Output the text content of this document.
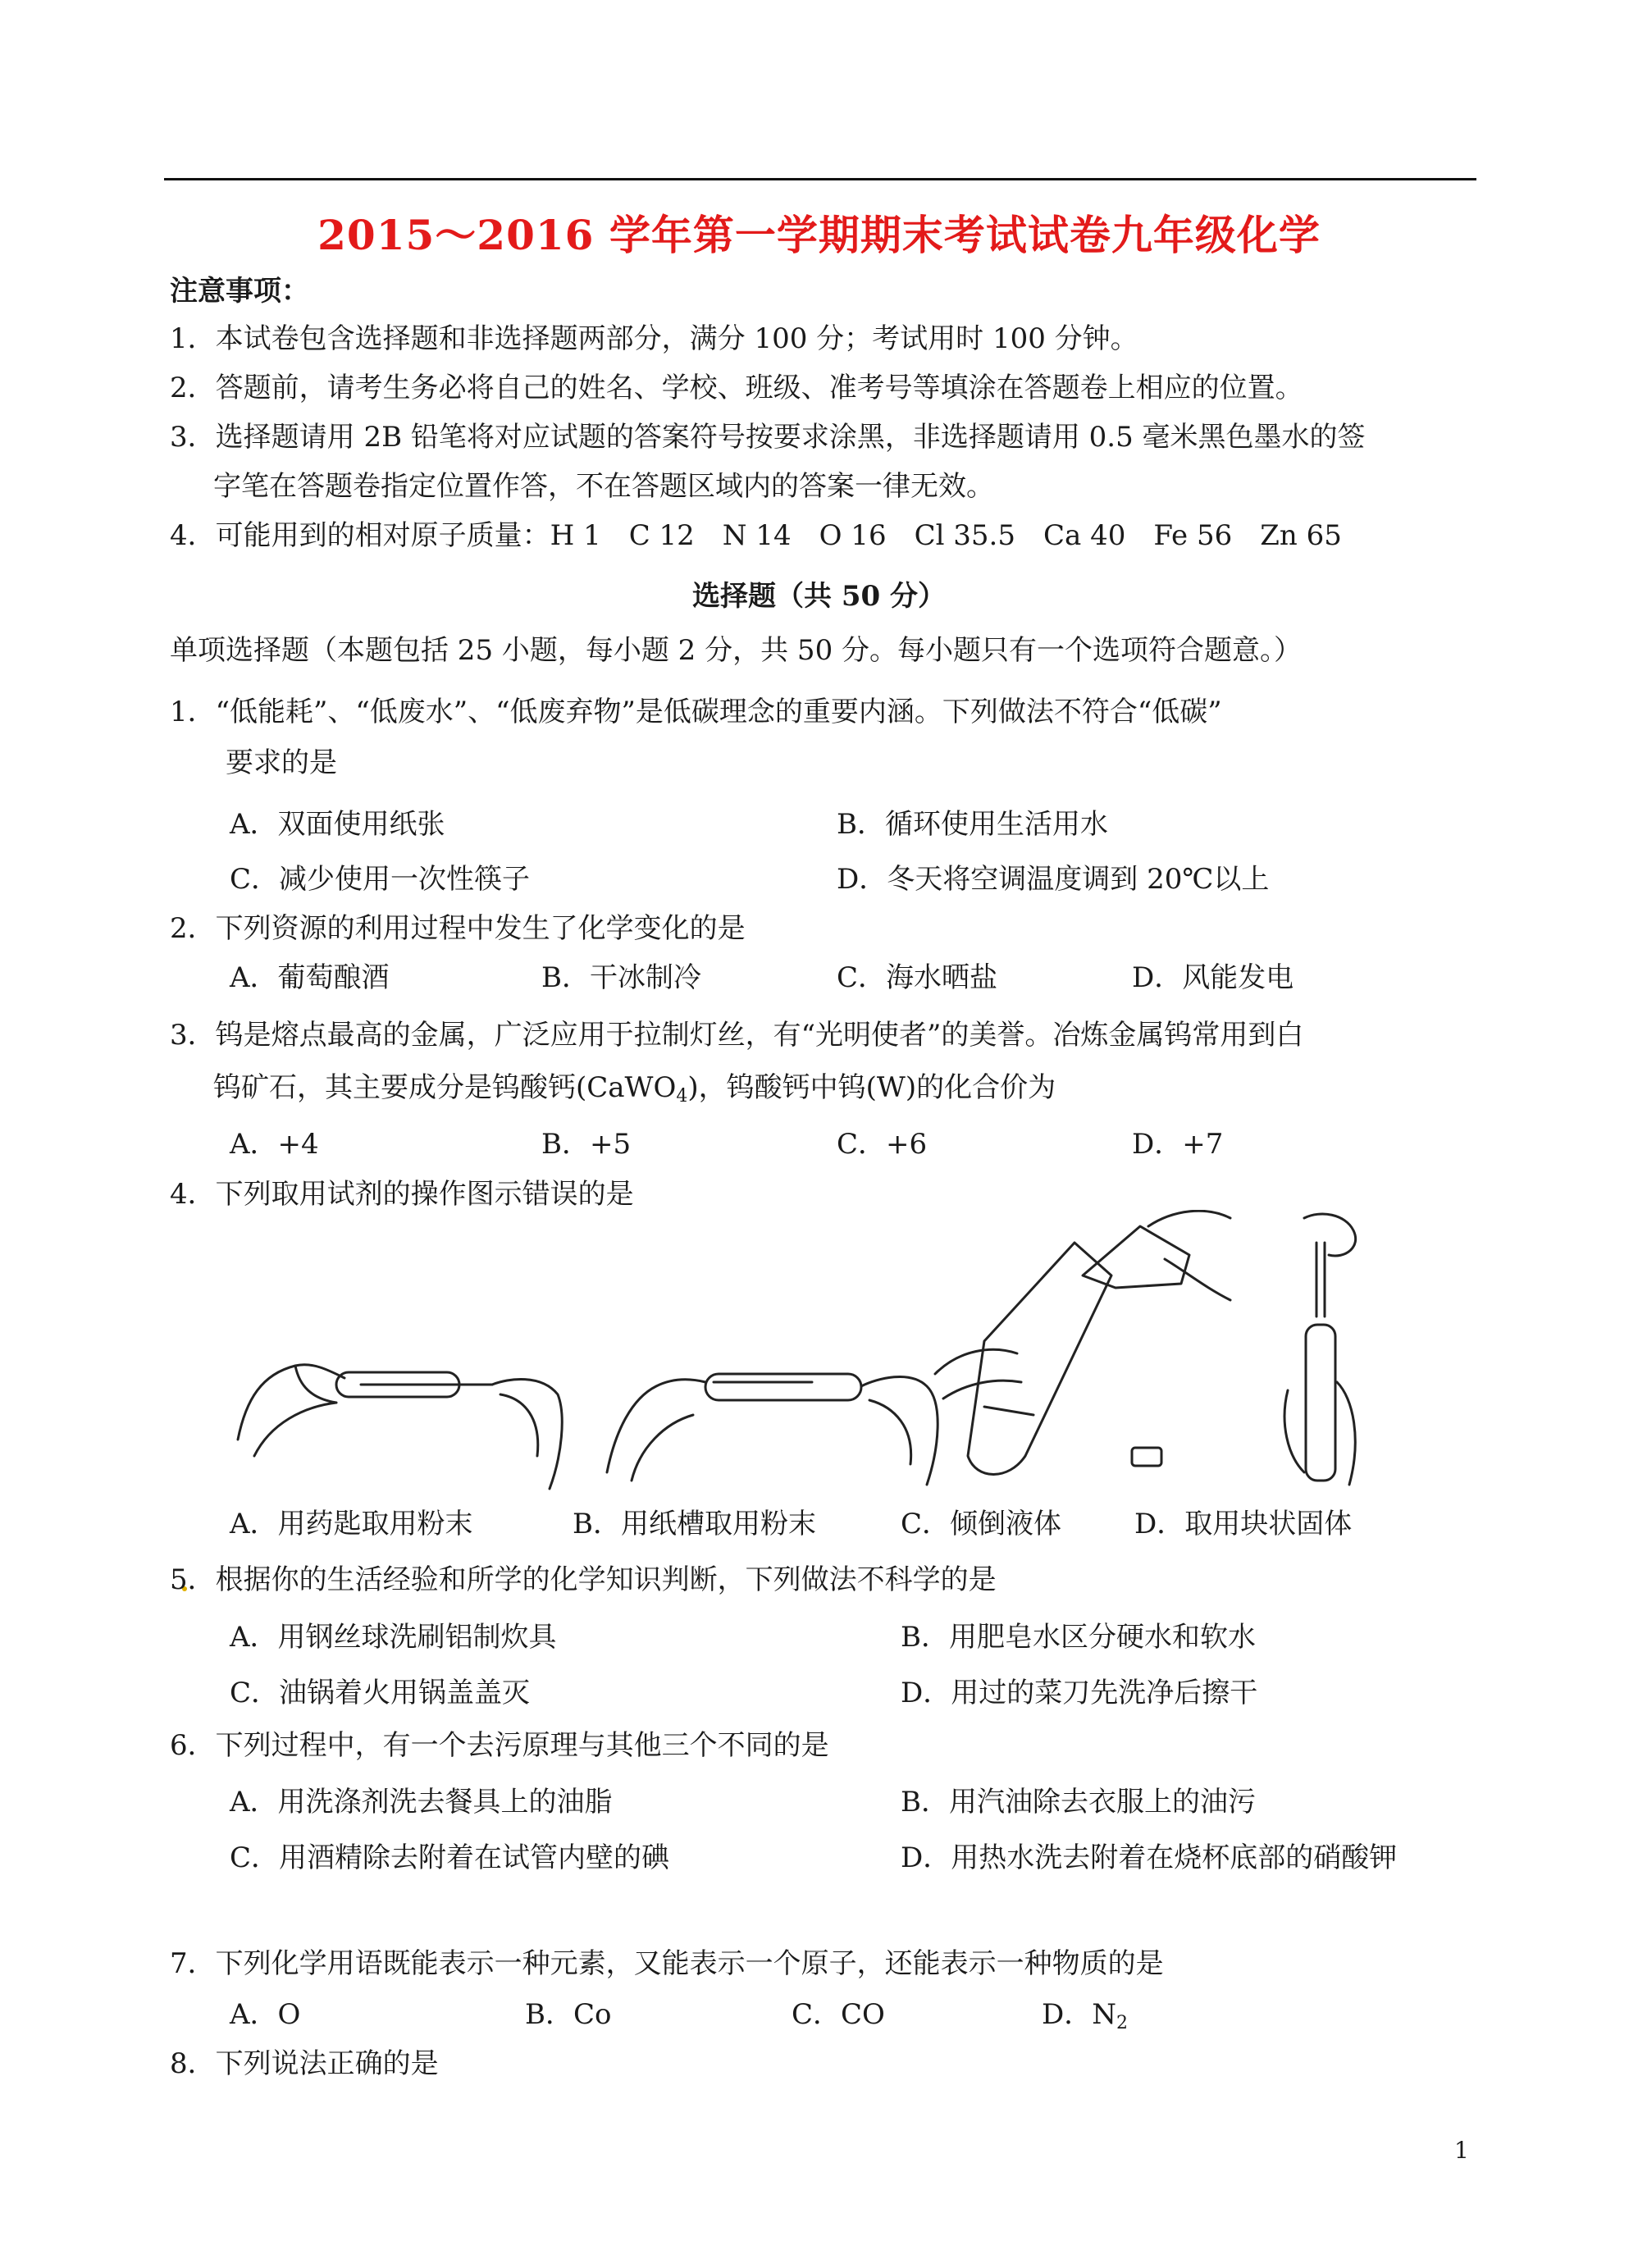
2015～2016 学年第一学期期末考试试卷九年级化学
注意事项：
1．本试卷包含选择题和非选择题两部分，满分 100 分；考试用时 100 分钟。
2．答题前，请考生务必将自己的姓名、学校、班级、准考号等填涂在答题卷上相应的位置。
3．选择题请用 2B 铅笔将对应试题的答案符号按要求涂黑，非选择题请用 0.5 毫米黑色墨水的签
字笔在答题卷指定位置作答，不在答题区域内的答案一律无效。
4．可能用到的相对原子质量：H 1　C 12　N 14　O 16　Cl 35.5　Ca 40　Fe 56　Zn 65
选择题（共 50 分）
单项选择题（本题包括 25 小题，每小题 2 分，共 50 分。每小题只有一个选项符合题意。）
1．“低能耗”、“低废水”、“低废弃物”是低碳理念的重要内涵。下列做法不符合“低碳”
要求的是
A．双面使用纸张	B．循环使用生活用水
C．减少使用一次性筷子	D．冬天将空调温度调到 20℃以上
2．下列资源的利用过程中发生了化学变化的是
A．葡萄酿酒	B．干冰制冷	C．海水晒盐	D．风能发电
3．钨是熔点最高的金属，广泛应用于拉制灯丝，有“光明使者”的美誉。冶炼金属钨常用到白
钨矿石，其主要成分是钨酸钙(CaWO$_4$)，钨酸钙中钨(W)的化合价为
A．+4	B．+5	C．+6	D．+7
4．下列取用试剂的操作图示错误的是
A．用药匙取用粉末	B．用纸槽取用粉末	C．倾倒液体	D．取用块状固体
5．根据你的生活经验和所学的化学知识判断，下列做法不科学的是
A．用钢丝球洗刷铝制炊具	B．用肥皂水区分硬水和软水
C．油锅着火用锅盖盖灭	D．用过的菜刀先洗净后擦干
6．下列过程中，有一个去污原理与其他三个不同的是
A．用洗涤剂洗去餐具上的油脂	B．用汽油除去衣服上的油污
C．用酒精除去附着在试管内壁的碘	D．用热水洗去附着在烧杯底部的硝酸钾
7．下列化学用语既能表示一种元素，又能表示一个原子，还能表示一种物质的是
A．O	B．Co	C．CO	D．$N_2$
8．下列说法正确的是
1
